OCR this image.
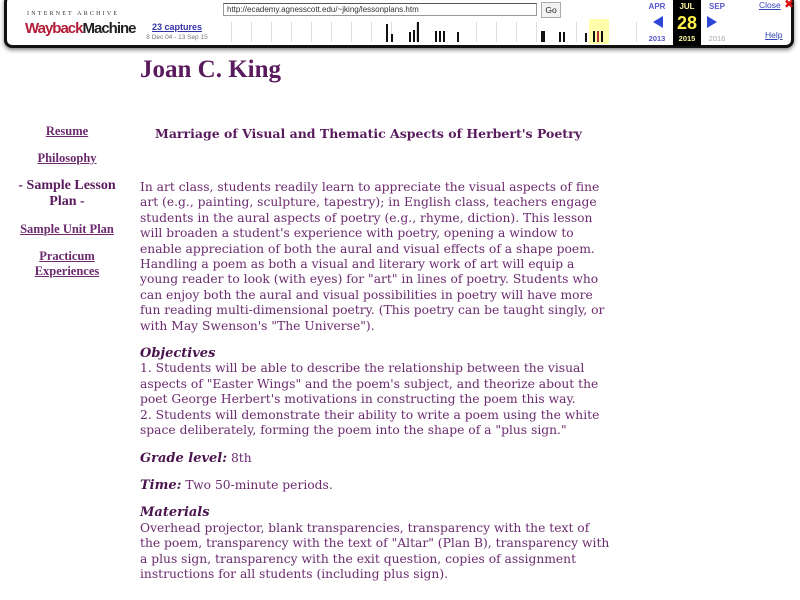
INTERNET ARCHIVE
WaybackMachine
http://ecademy.agnesscott.edu/~jking/lessonplans.htm	Go
23 captures
8 Dec 04 - 13 Sep 15
APR
2013
JUL
28
2015
SEP
2016
Close ✖
Help
Joan C. King
Resume
Philosophy
- Sample Lesson Plan -
Sample Unit Plan
Practicum Experiences
Marriage of Visual and Thematic Aspects of Herbert's Poetry

In art class, students readily learn to appreciate the visual aspects of fine art (e.g., painting, sculpture, tapestry); in English class, teachers engage students in the aural aspects of poetry (e.g., rhyme, diction). This lesson will broaden a student's experience with poetry, opening a window to enable appreciation of both the aural and visual effects of a shape poem. Handling a poem as both a visual and literary work of art will equip a young reader to look (with eyes) for "art" in lines of poetry. Students who can enjoy both the aural and visual possibilities in poetry will have more fun reading multi-dimensional poetry. (This poetry can be taught singly, or with May Swenson's "The Universe").

Objectives
1. Students will be able to describe the relationship between the visual aspects of "Easter Wings" and the poem's subject, and theorize about the poet George Herbert's motivations in constructing the poem this way.
2. Students will demonstrate their ability to write a poem using the white space deliberately, forming the poem into the shape of a "plus sign."

Grade level: 8th

Time: Two 50-minute periods.

Materials
Overhead projector, blank transparencies, transparency with the text of the poem, transparency with the text of "Altar" (Plan B), transparency with a plus sign, transparency with the exit question, copies of assignment instructions for all students (including plus sign).
